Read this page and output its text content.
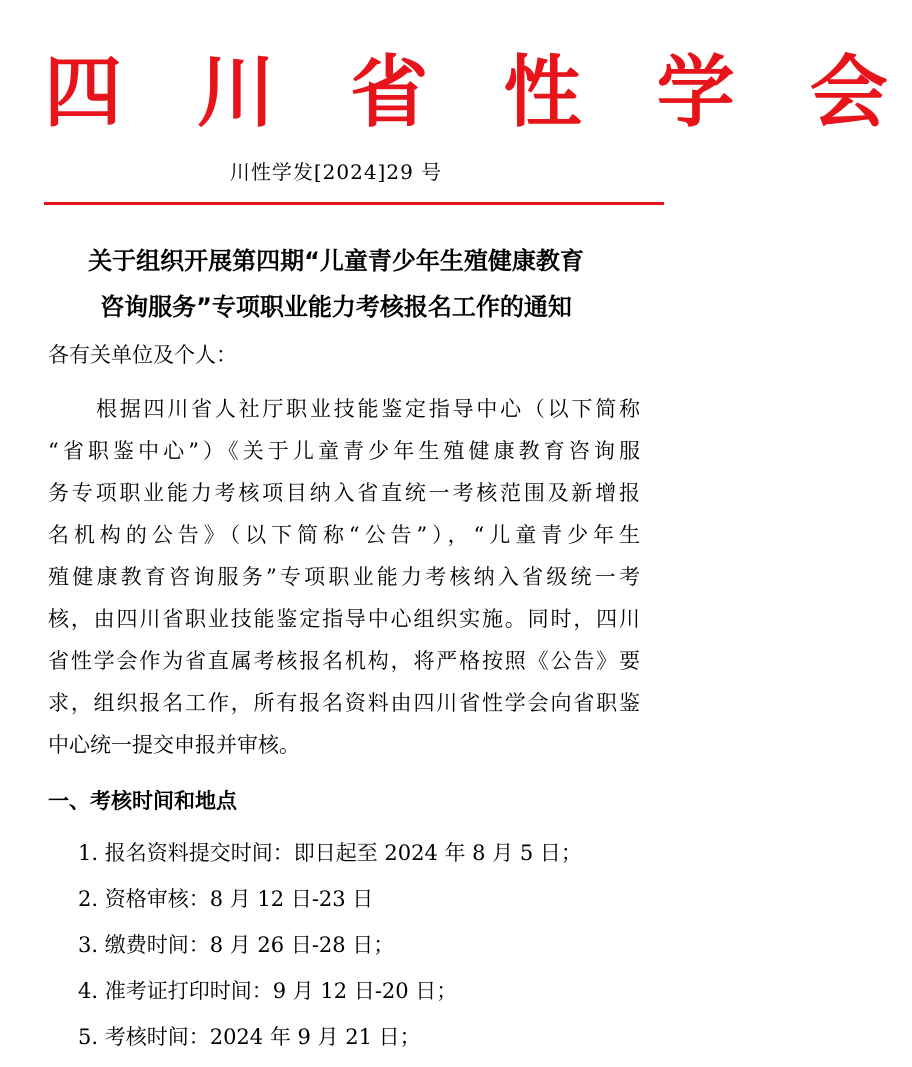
四 川 省 性 学 会
川性学发[2024]29 号
关于组织开展第四期“儿童青少年生殖健康教育
咨询服务”专项职业能力考核报名工作的通知
各有关单位及个人：
根据四川省人社厅职业技能鉴定指导中心（以下简称
“省职鉴中心”）《关于儿童青少年生殖健康教育咨询服
务专项职业能力考核项目纳入省直统一考核范围及新增报
名机构的公告》（以下简称“公告”），“儿童青少年生
殖健康教育咨询服务”专项职业能力考核纳入省级统一考
核，由四川省职业技能鉴定指导中心组织实施。同时，四川
省性学会作为省直属考核报名机构，将严格按照《公告》要
求，组织报名工作，所有报名资料由四川省性学会向省职鉴
中心统一提交申报并审核。
一、考核时间和地点
1. 报名资料提交时间：即日起至 2024 年 8 月 5 日；
2. 资格审核：8 月 12 日-23 日
3. 缴费时间：8 月 26 日-28 日；
4. 准考证打印时间：9 月 12 日-20 日；
5. 考核时间：2024 年 9 月 21 日；
